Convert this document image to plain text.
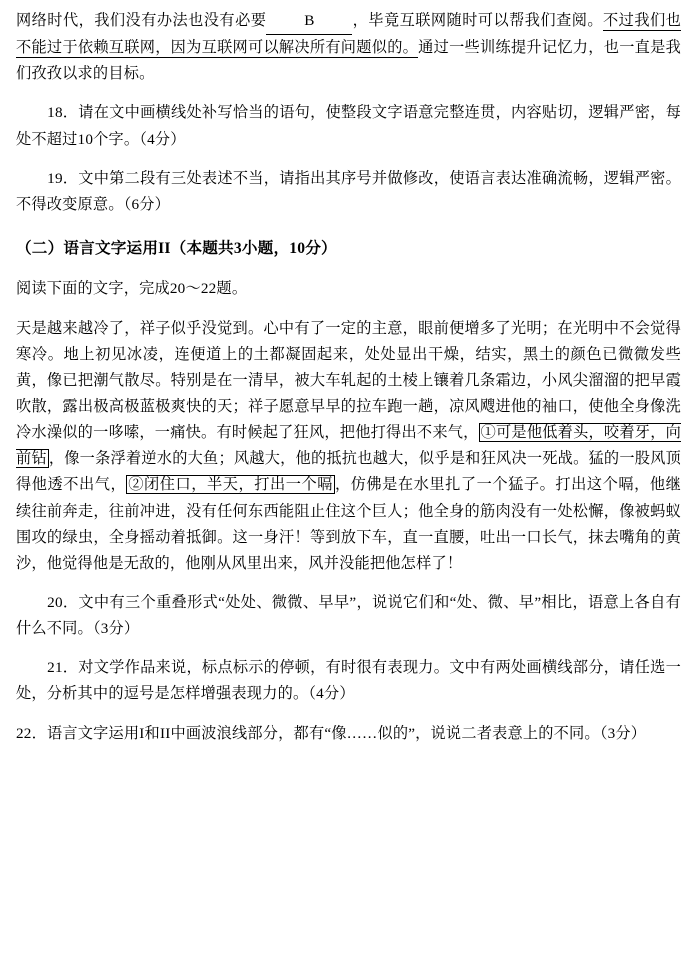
网络时代，我们没有办法也没有必要 B ，毕竟互联网随时可以帮我们查阅。不过我们也不能过于依赖互联网，因为互联网可以解决所有问题似的。通过一些训练提升记忆力，也一直是我们孜孜以求的目标。

18．请在文中画横线处补写恰当的语句，使整段文字语意完整连贯，内容贴切，逻辑严密，每处不超过10个字。（4分）

19．文中第二段有三处表述不当，请指出其序号并做修改，使语言表达准确流畅，逻辑严密。不得改变原意。（6分）

（二）语言文字运用II（本题共3小题，10分）

阅读下面的文字，完成20～22题。

天是越来越冷了，祥子似乎没觉到。心中有了一定的主意，眼前便增多了光明；在光明中不会觉得寒冷。地上初见冰凌，连便道上的土都凝固起来，处处显出干燥，结实，黑土的颜色已微微发些黄，像已把潮气散尽。特别是在一清早，被大车轧起的土棱上镶着几条霜边，小风尖溜溜的把早霞吹散，露出极高极蓝极爽快的天；祥子愿意早早的拉车跑一趟，凉风飕进他的袖口，使他全身像洗冷水澡似的一哆嗦，一痛快。有时候起了狂风，把他打得出不来气， ①可是他低着头，咬着牙，向前钻 ，像一条浮着逆水的大鱼；风越大，他的抵抗也越大，似乎是和狂风决一死战。猛的一股风顶得他透不出气， ②闭住口，半天，打出一个嗝 ，仿佛是在水里扎了一个猛子。打出这个嗝，他继续往前奔走，往前冲进，没有任何东西能阻止住这个巨人；他全身的筋肉没有一处松懈，像被蚂蚁围攻的绿虫，全身摇动着抵御。这一身汗！等到放下车，直一直腰，吐出一口长气，抹去嘴角的黄沙，他觉得他是无敌的，他刚从风里出来，风并没能把他怎样了！

20．文中有三个重叠形式“处处、微微、早早”，说说它们和“处、微、早”相比，语意上各自有什么不同。（3分）

21．对文学作品来说，标点标示的停顿，有时很有表现力。文中有两处画横线部分，请任选一处，分析其中的逗号是怎样增强表现力的。（4分）

22．语言文字运用I和II中画波浪线部分，都有“像……似的”，说说二者表意上的不同。（3分）
